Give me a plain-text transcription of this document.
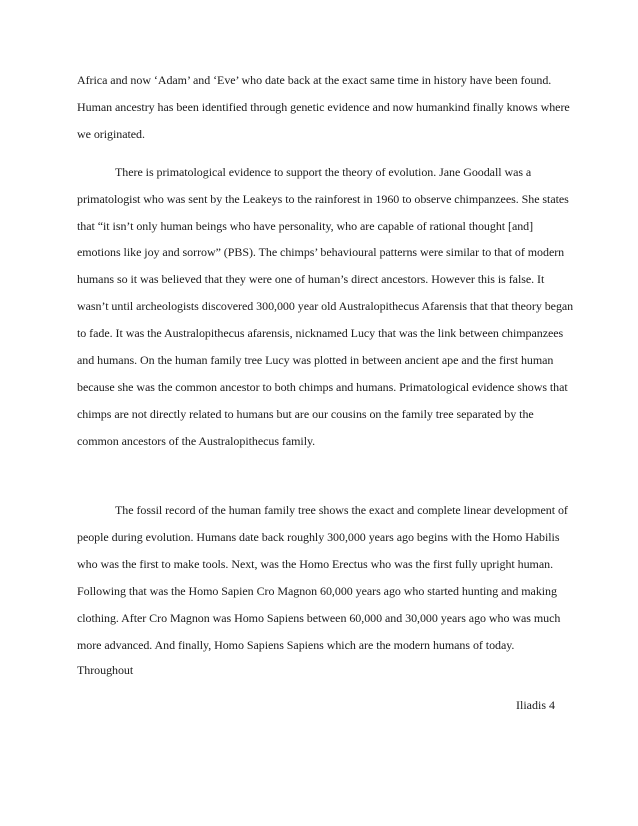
Africa and now ‘Adam’ and ‘Eve’ who date back at the exact same time in history have been found.
Human ancestry has been identified through genetic evidence and now humankind finally knows where
we originated.
There is primatological evidence to support the theory of evolution. Jane Goodall was a
primatologist who was sent by the Leakeys to the rainforest in 1960 to observe chimpanzees. She states
that “it isn’t only human beings who have personality, who are capable of rational thought [and]
emotions like joy and sorrow” (PBS). The chimps’ behavioural patterns were similar to that of modern
humans so it was believed that they were one of human’s direct ancestors. However this is false. It
wasn’t until archeologists discovered 300,000 year old Australopithecus Afarensis that that theory began
to fade. It was the Australopithecus afarensis, nicknamed Lucy that was the link between chimpanzees
and humans. On the human family tree Lucy was plotted in between ancient ape and the first human
because she was the common ancestor to both chimps and humans. Primatological evidence shows that
chimps are not directly related to humans but are our cousins on the family tree separated by the
common ancestors of the Australopithecus family.
The fossil record of the human family tree shows the exact and complete linear development of
people during evolution. Humans date back roughly 300,000 years ago begins with the Homo Habilis
who was the first to make tools. Next, was the Homo Erectus who was the first fully upright human.
Following that was the Homo Sapien Cro Magnon 60,000 years ago who started hunting and making
clothing. After Cro Magnon was Homo Sapiens between 60,000 and 30,000 years ago who was much
more advanced. And finally, Homo Sapiens Sapiens which are the modern humans of today.
Throughout
Iliadis 4
